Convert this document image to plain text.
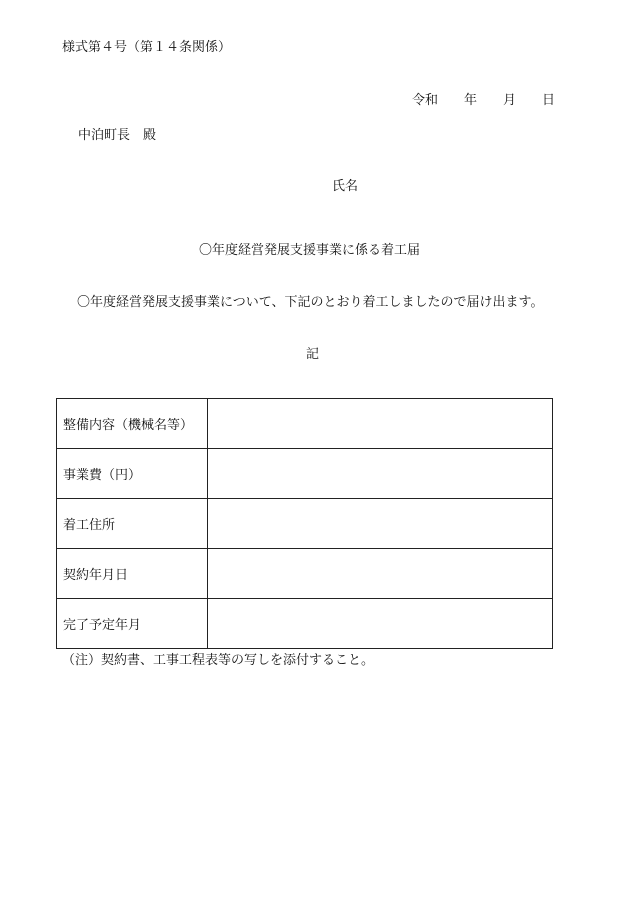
様式第４号（第１４条関係）
令和 年 月 日
中泊町長　殿
氏名
〇年度経営発展支援事業に係る着工届
〇年度経営発展支援事業について、下記のとおり着工しましたので届け出ます。
記
整備内容（機械名等）	
事業費（円）	
着工住所	
契約年月日	
完了予定年月	
（注）契約書、工事工程表等の写しを添付すること。
